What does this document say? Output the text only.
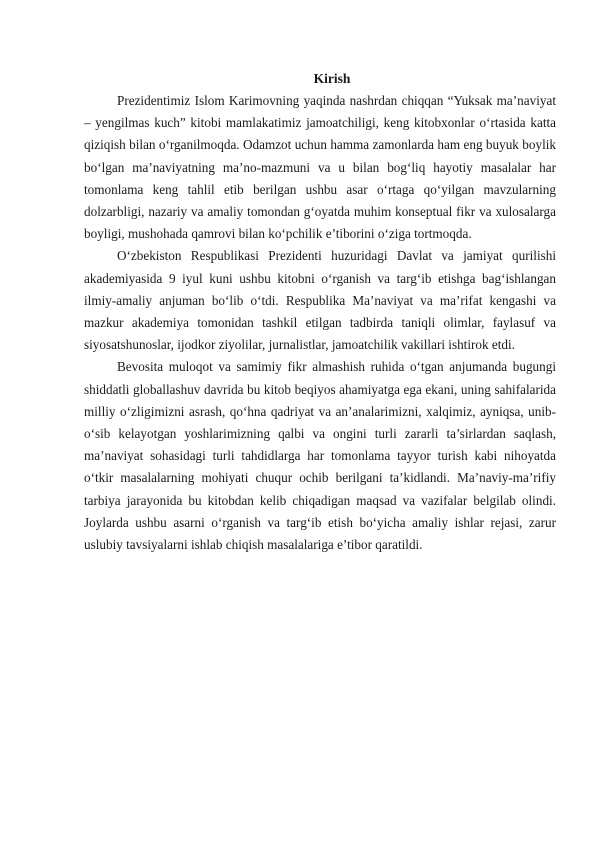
Kirish

Prezidentimiz Islom Karimovning yaqinda nashrdan chiqqan “Yuksak ma’naviyat – yengilmas kuch” kitobi mamlakatimiz jamoatchiligi, keng kitobxonlar o‘rtasida katta qiziqish bilan o‘rganilmoqda. Odamzot uchun hamma zamonlarda ham eng buyuk boylik bo‘lgan ma’naviyatning ma’no-mazmuni va u bilan bog‘liq hayotiy masalalar har tomonlama keng tahlil etib berilgan ushbu asar o‘rtaga qo‘yilgan mavzularning dolzarbligi, nazariy va amaliy tomondan g‘oyatda muhim konseptual fikr va xulosalarga boyligi, mushohada qamrovi bilan ko‘pchilik e’tiborini o‘ziga tortmoqda.

O‘zbekiston Respublikasi Prezidenti huzuridagi Davlat va jamiyat qurilishi akademiyasida 9 iyul kuni ushbu kitobni o‘rganish va targ‘ib etishga bag‘ishlangan ilmiy-amaliy anjuman bo‘lib o‘tdi. Respublika Ma’naviyat va ma’rifat kengashi va mazkur akademiya tomonidan tashkil etilgan tadbirda taniqli olimlar, faylasuf va siyosatshunoslar, ijodkor ziyolilar, jurnalistlar, jamoatchilik vakillari ishtirok etdi.

Bevosita muloqot va samimiy fikr almashish ruhida o‘tgan anjumanda bugungi shiddatli globallashuv davrida bu kitob beqiyos ahamiyatga ega ekani, uning sahifalarida milliy o‘zligimizni asrash, qo‘hna qadriyat va an’analarimizni, xalqimiz, ayniqsa, unib-o‘sib kelayotgan yoshlarimizning qalbi va ongini turli zararli ta’sirlardan saqlash, ma’naviyat sohasidagi turli tahdidlarga har tomonlama tayyor turish kabi nihoyatda o‘tkir masalalarning mohiyati chuqur ochib berilgani ta’kidlandi. Ma’naviy-ma’rifiy tarbiya jarayonida bu kitobdan kelib chiqadigan maqsad va vazifalar belgilab olindi. Joylarda ushbu asarni o‘rganish va targ‘ib etish bo‘yicha amaliy ishlar rejasi, zarur uslubiy tavsiyalarni ishlab chiqish masalalariga e’tibor qaratildi.
